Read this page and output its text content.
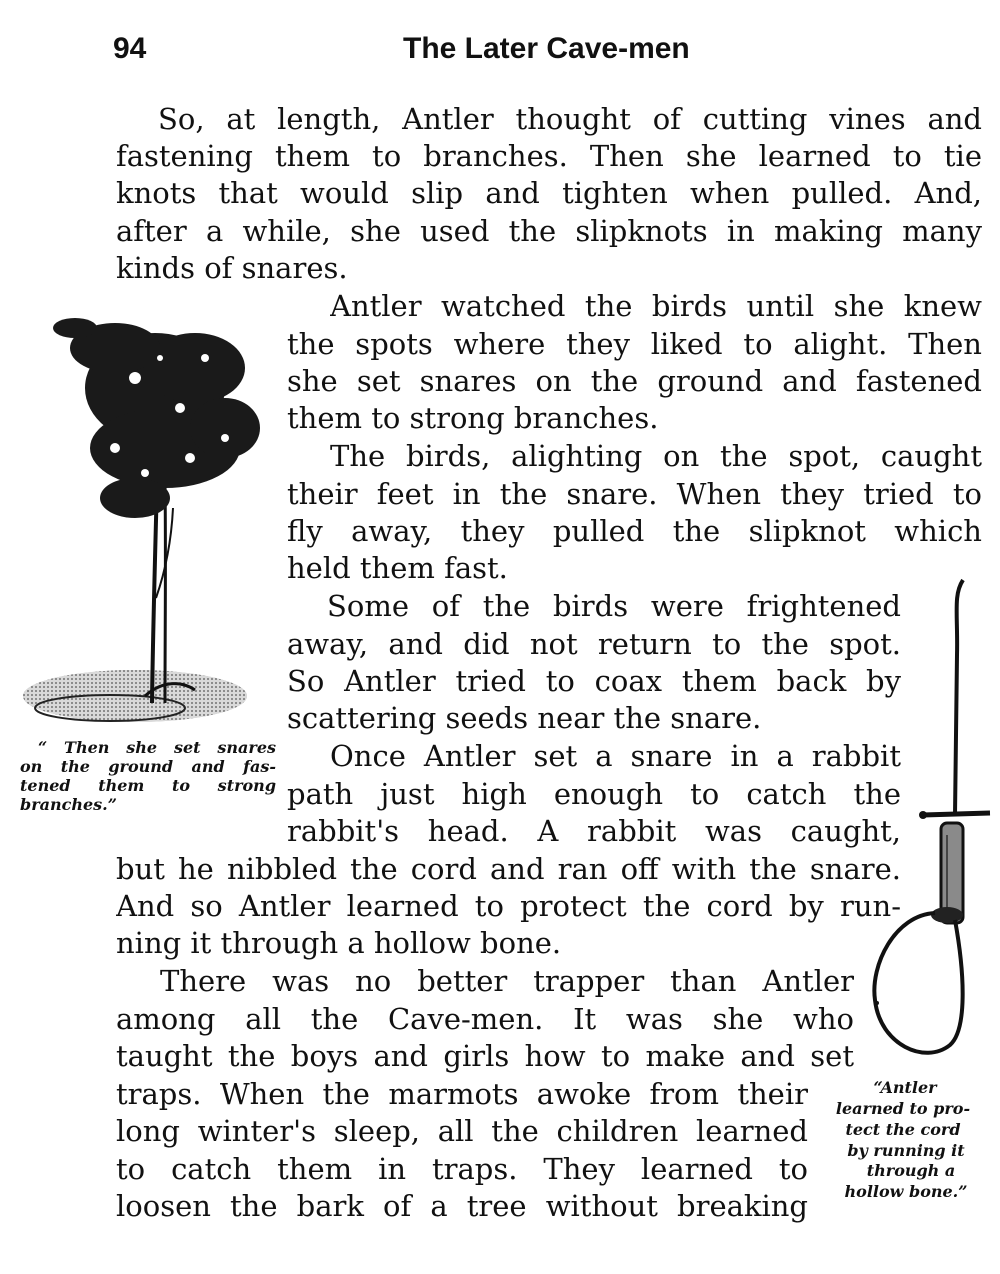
94	The Later Cave-men
So, at length, Antler thought of cutting vines and
fastening them to branches. Then she learned to tie
knots that would slip and tighten when pulled. And,
after a while, she used the slipknots in making many
kinds of snares.
Antler watched the birds until she knew
the spots where they liked to alight. Then
she set snares on the ground and fastened
them to strong branches.
The birds, alighting on the spot, caught
their feet in the snare. When they tried to
fly away, they pulled the slipknot which
held them fast.
Some of the birds were frightened
away, and did not return to the spot.
So Antler tried to coax them back by
scattering seeds near the snare.
Once Antler set a snare in a rabbit
path just high enough to catch the
rabbit's head. A rabbit was caught,
but he nibbled the cord and ran off with the snare.
And so Antler learned to protect the cord by run-
ning it through a hollow bone.
There was no better trapper than Antler
among all the Cave-men. It was she who
taught the boys and girls how to make and set
traps. When the marmots awoke from their
long winter's sleep, all the children learned
to catch them in traps. They learned to
loosen the bark of a tree without breaking
“ Then she set snares
on the ground and fas-
tened them to strong
branches.”
“Antler
learned to pro-
tect the cord
by running it
through a
hollow bone.”
